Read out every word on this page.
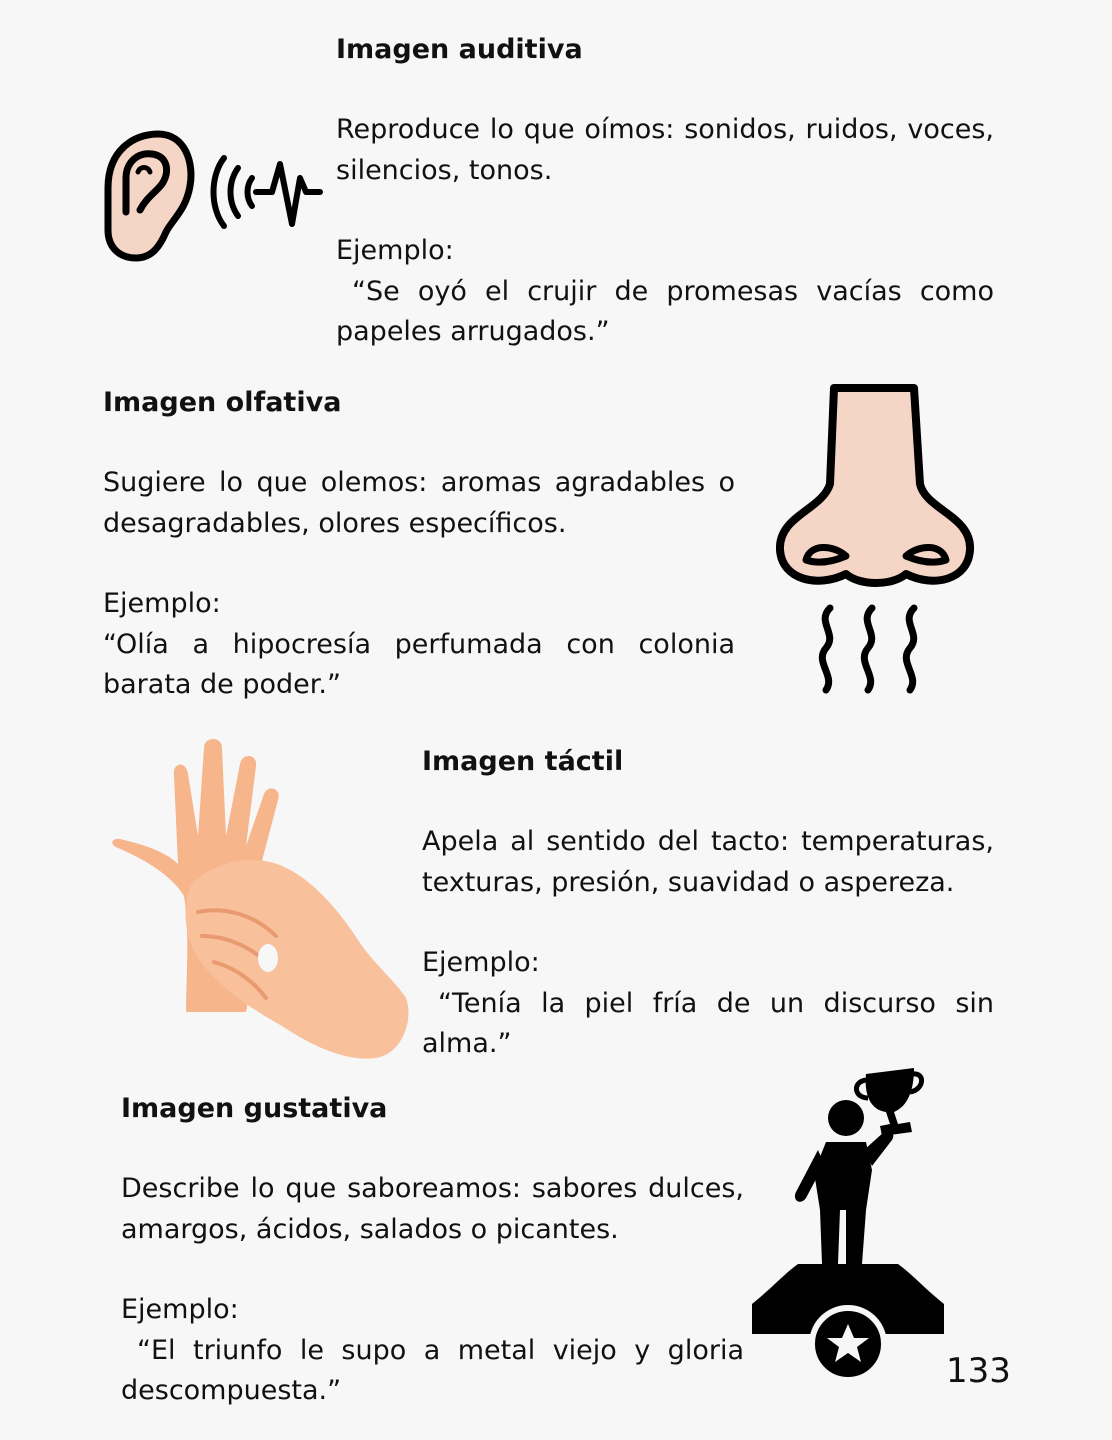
Imagen auditiva

Reproduce lo que oímos: sonidos, ruidos, voces, silencios, tonos.

Ejemplo:

“Se oyó el crujir de promesas vacías como papeles arrugados.”

Imagen olfativa

Sugiere lo que olemos: aromas agradables o desagradables, olores específicos.

Ejemplo:

“Olía a hipocresía perfumada con colonia barata de poder.”

Imagen táctil

Apela al sentido del tacto: temperaturas, texturas, presión, suavidad o aspereza.

Ejemplo:

“Tenía la piel fría de un discurso sin alma.”

Imagen gustativa

Describe lo que saboreamos: sabores dulces, amargos, ácidos, salados o picantes.

Ejemplo:

“El triunfo le supo a metal viejo y gloria descompuesta.”	133
